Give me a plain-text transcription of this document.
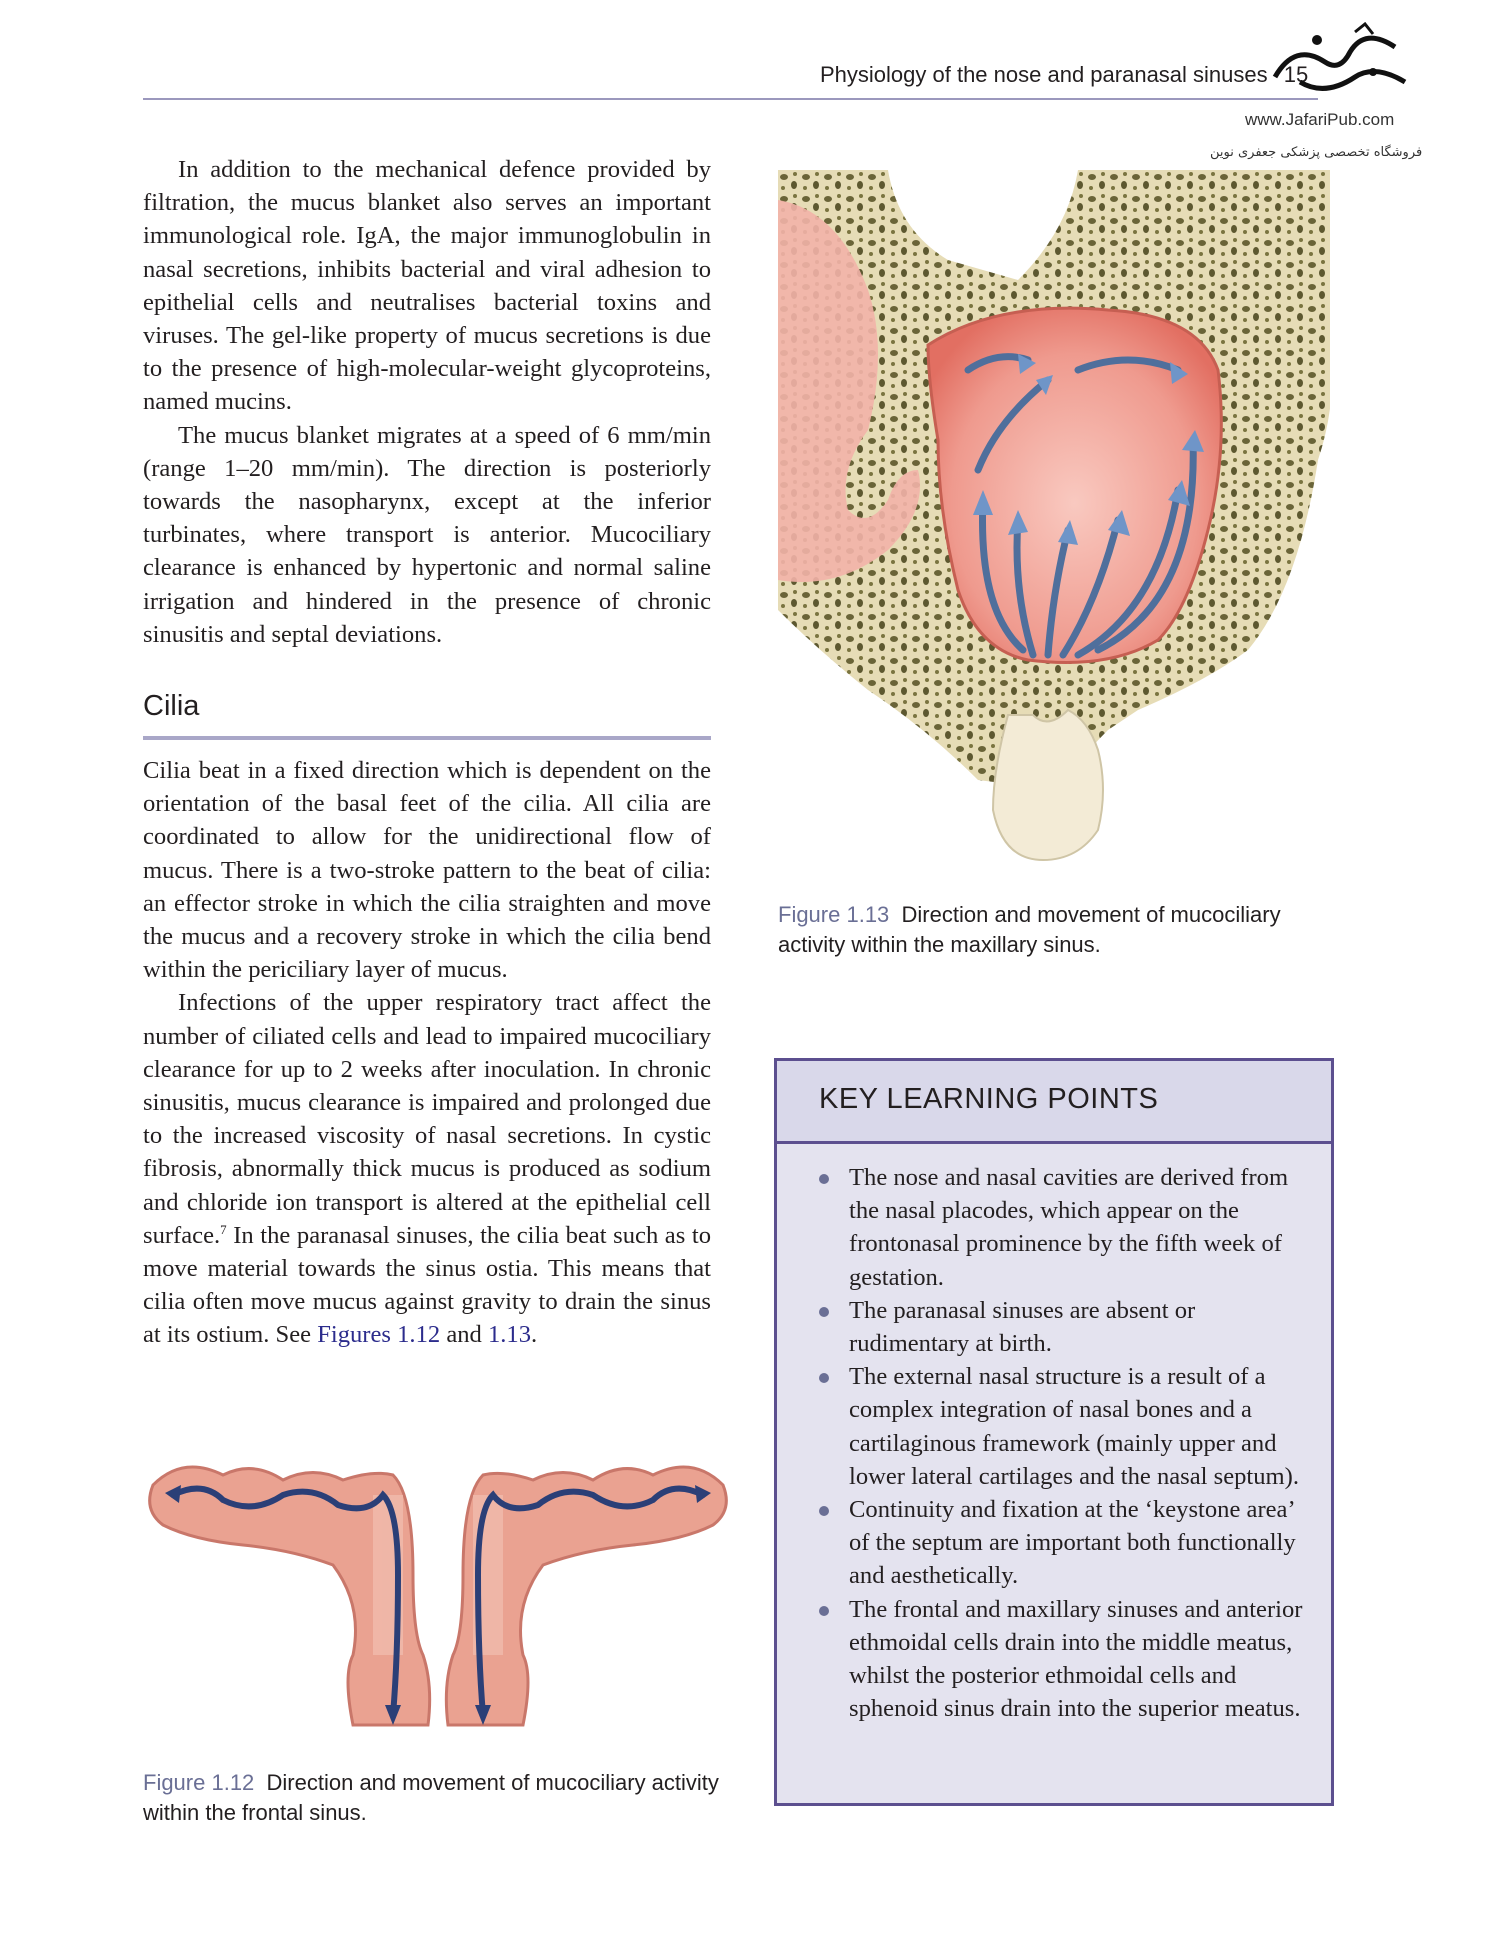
Physiology of the nose and paranasal sinuses 15
www.JafariPub.com
فروشگاه تخصصی پزشکی جعفری نوین

In addition to the mechanical defence provided by filtration, the mucus blanket also serves an important immunological role. IgA, the major immunoglobulin in nasal secretions, inhibits bacterial and viral adhesion to epithelial cells and neutralises bacterial toxins and viruses. The gel-like property of mucus secretions is due to the presence of high-molecular-weight glycoproteins, named mucins.

The mucus blanket migrates at a speed of 6 mm/min (range 1–20 mm/min). The direction is posteriorly towards the nasopharynx, except at the inferior turbinates, where transport is anterior. Mucociliary clearance is enhanced by hypertonic and normal saline irrigation and hindered in the presence of chronic sinusitis and septal deviations.

Cilia

Cilia beat in a fixed direction which is dependent on the orientation of the basal feet of the cilia. All cilia are coordinated to allow for the unidirectional flow of mucus. There is a two-stroke pattern to the beat of cilia: an effector stroke in which the cilia straighten and move the mucus and a recovery stroke in which the cilia bend within the periciliary layer of mucus.

Infections of the upper respiratory tract affect the number of ciliated cells and lead to impaired mucociliary clearance for up to 2 weeks after inoculation. In chronic sinusitis, mucus clearance is impaired and prolonged due to the increased viscosity of nasal secretions. In cystic fibrosis, abnormally thick mucus is produced as sodium and chloride ion transport is altered at the epithelial cell surface.$^7$ In the paranasal sinuses, the cilia beat such as to move material towards the sinus ostia. This means that cilia often move mucus against gravity to drain the sinus at its ostium. See Figures 1.12 and 1.13.

Figure 1.13 Direction and movement of mucociliary activity within the maxillary sinus.
Figure 1.12 Direction and movement of mucociliary activity within the frontal sinus.
KEY LEARNING POINTS
The nose and nasal cavities are derived from the nasal placodes, which appear on the frontonasal prominence by the fifth week of gestation.
The paranasal sinuses are absent or rudimentary at birth.
The external nasal structure is a result of a complex integration of nasal bones and a cartilaginous framework (mainly upper and lower lateral cartilages and the nasal septum).
Continuity and fixation at the ‘keystone area’ of the septum are important both functionally and aesthetically.
The frontal and maxillary sinuses and anterior ethmoidal cells drain into the middle meatus, whilst the posterior ethmoidal cells and sphenoid sinus drain into the superior meatus.
